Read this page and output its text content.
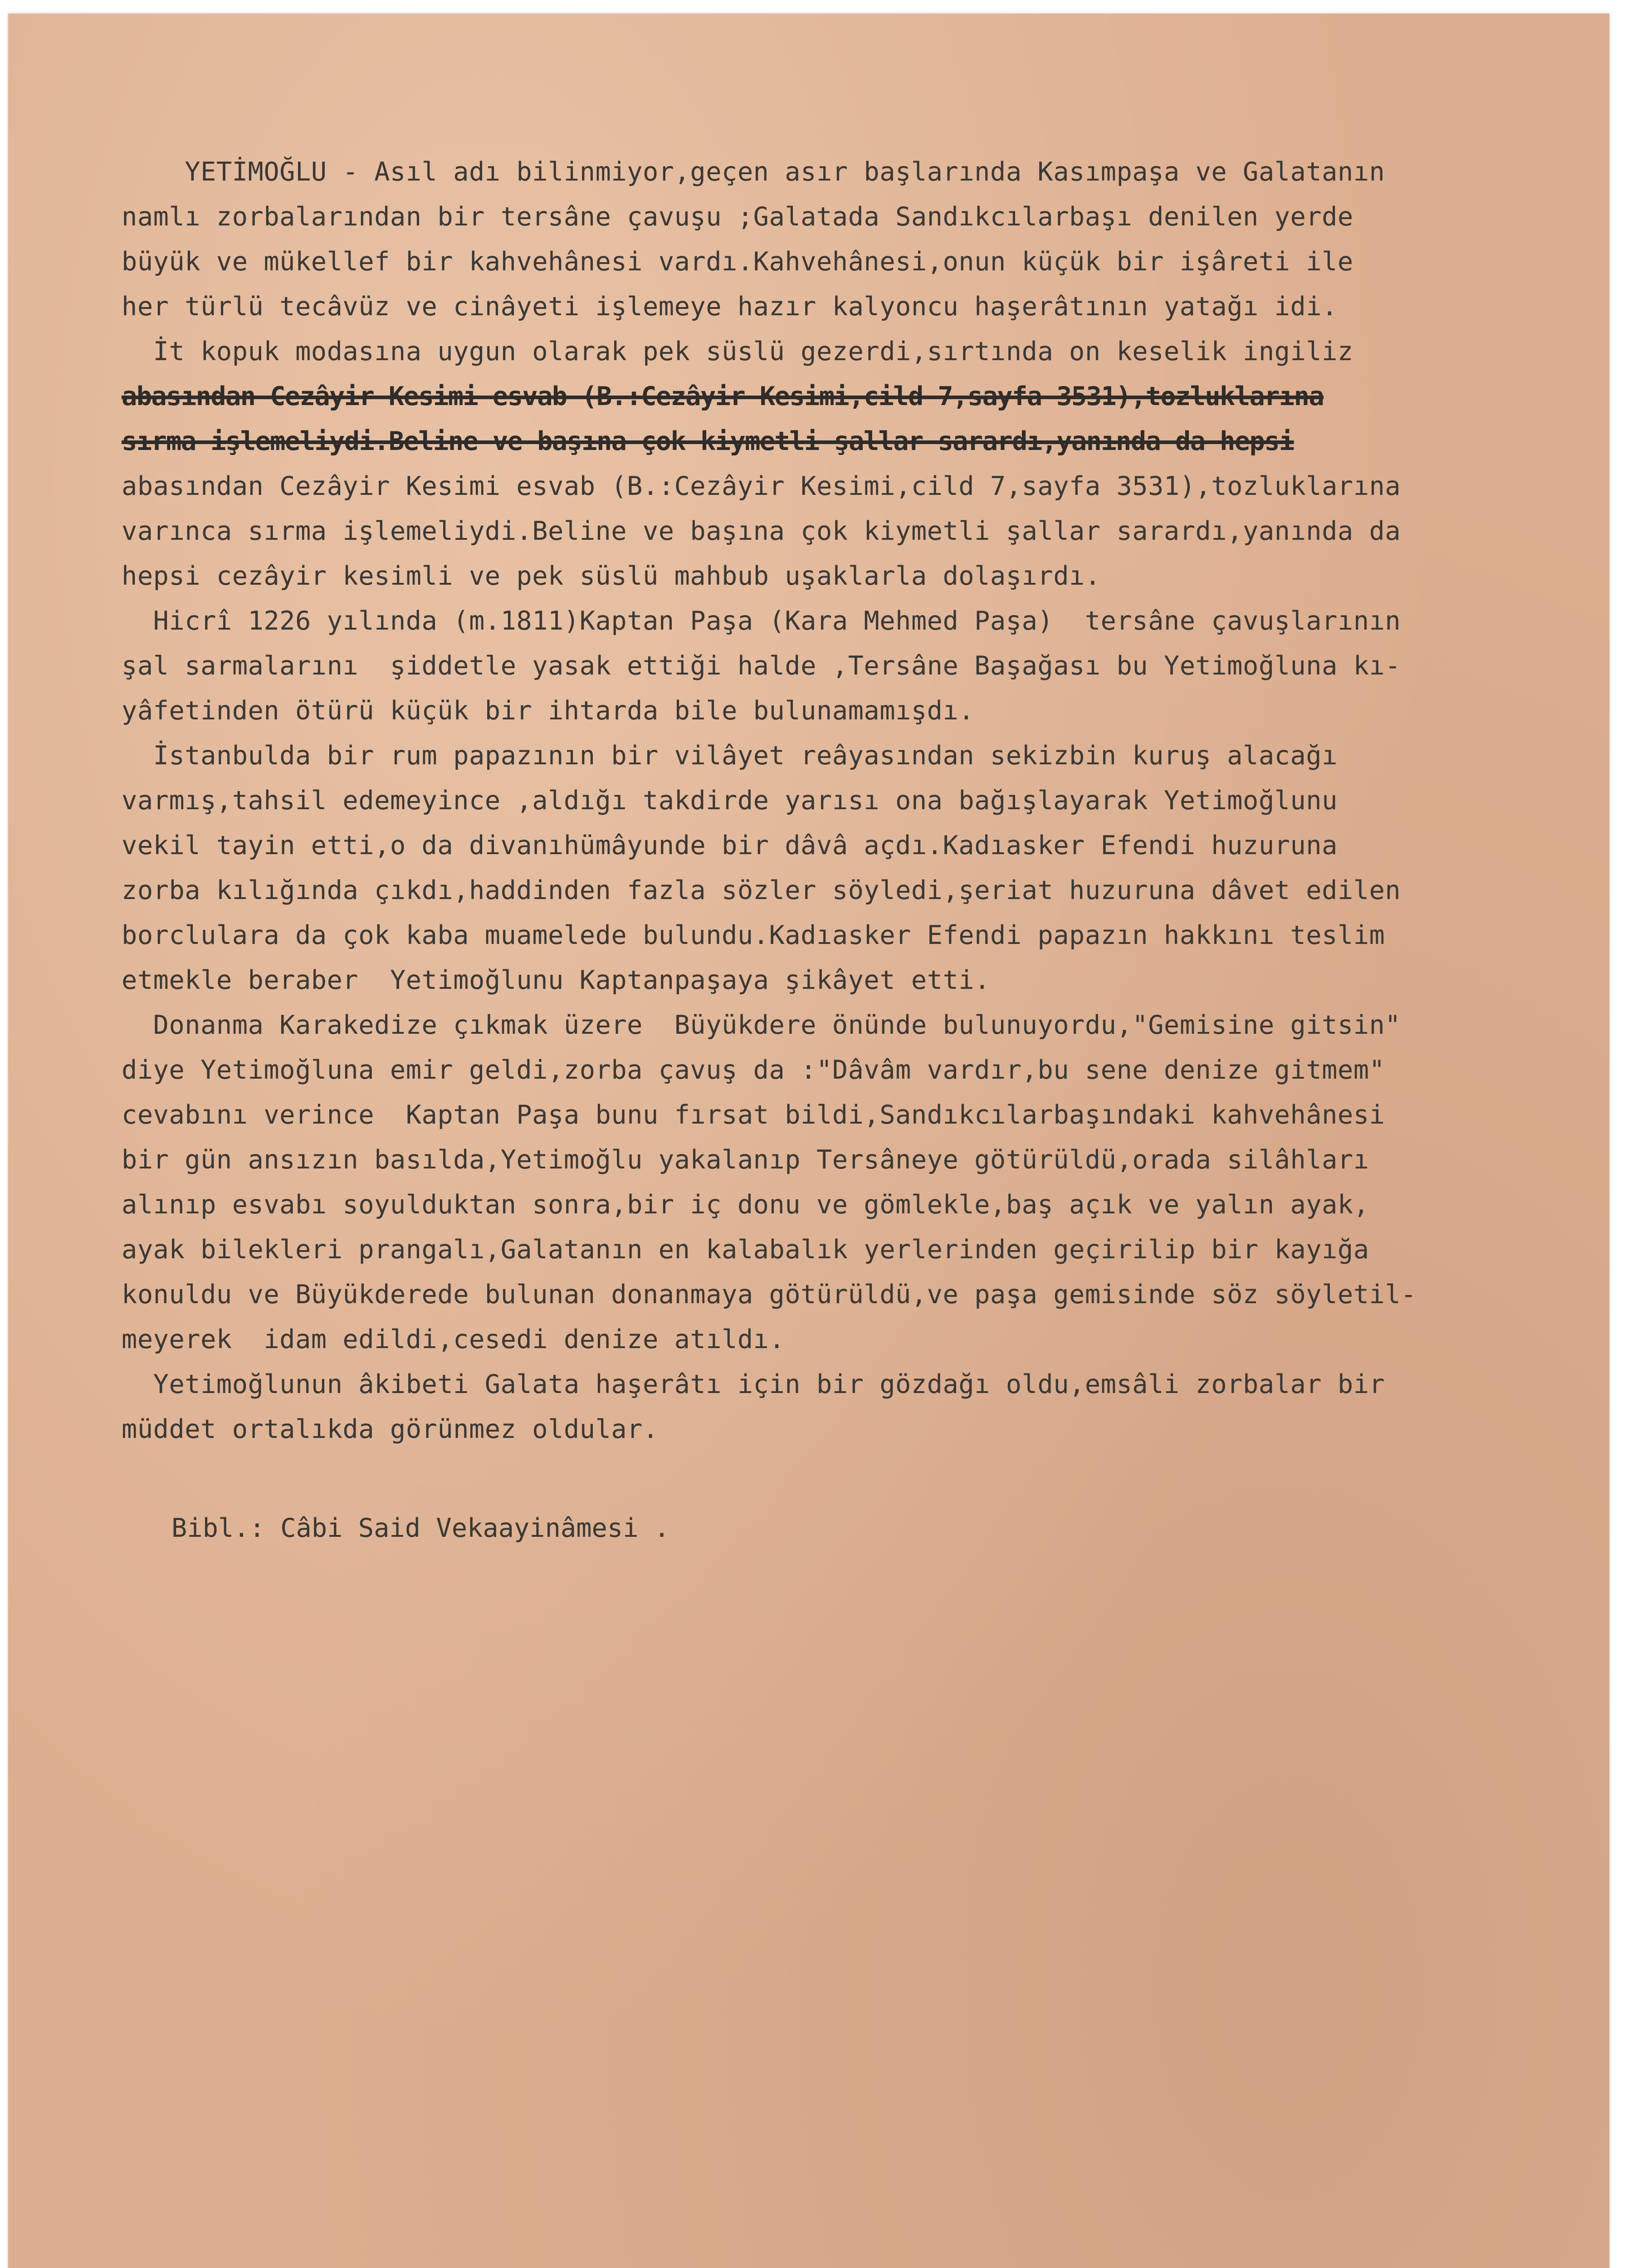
YETİMOĞLU - Asıl adı bilinmiyor,geçen asır başlarında Kasımpaşa ve Galatanın
namlı zorbalarından bir tersâne çavuşu ;Galatada Sandıkcılarbaşı denilen yerde
büyük ve mükellef bir kahvehânesi vardı.Kahvehânesi,onun küçük bir işâreti ile
her türlü tecâvüz ve cinâyeti işlemeye hazır kalyoncu haşerâtının yatağı idi.
İt kopuk modasına uygun olarak pek süslü gezerdi,sırtında on keselik ingiliz
abasından Cezâyir Kesimi esvab (B.:Cezâyir Kesimi,cild 7,sayfa 3531),tozluklarına
sırma işlemeliydi.Beline ve başına çok kiymetli şallar sarardı,yanında da hepsi
abasından Cezâyir Kesimi esvab (B.:Cezâyir Kesimi,cild 7,sayfa 3531),tozluklarına
varınca sırma işlemeliydi.Beline ve başına çok kiymetli şallar sarardı,yanında da
hepsi cezâyir kesimli ve pek süslü mahbub uşaklarla dolaşırdı.
Hicrî 1226 yılında (m.1811)Kaptan Paşa (Kara Mehmed Paşa)  tersâne çavuşlarının
şal sarmalarını  şiddetle yasak ettiği halde ,Tersâne Başağası bu Yetimoğluna kı-
yâfetinden ötürü küçük bir ihtarda bile bulunamamışdı.
İstanbulda bir rum papazının bir vilâyet reâyasından sekizbin kuruş alacağı
varmış,tahsil edemeyince ,aldığı takdirde yarısı ona bağışlayarak Yetimoğlunu
vekil tayin etti,o da divanıhümâyunde bir dâvâ açdı.Kadıasker Efendi huzuruna
zorba kılığında çıkdı,haddinden fazla sözler söyledi,şeriat huzuruna dâvet edilen
borclulara da çok kaba muamelede bulundu.Kadıasker Efendi papazın hakkını teslim
etmekle beraber  Yetimoğlunu Kaptanpaşaya şikâyet etti.
Donanma Karakedize çıkmak üzere  Büyükdere önünde bulunuyordu,"Gemisine gitsin"
diye Yetimoğluna emir geldi,zorba çavuş da :"Dâvâm vardır,bu sene denize gitmem"
cevabını verince  Kaptan Paşa bunu fırsat bildi,Sandıkcılarbaşındaki kahvehânesi
bir gün ansızın basılda,Yetimoğlu yakalanıp Tersâneye götürüldü,orada silâhları
alınıp esvabı soyulduktan sonra,bir iç donu ve gömlekle,baş açık ve yalın ayak,
ayak bilekleri prangalı,Galatanın en kalabalık yerlerinden geçirilip bir kayığa
konuldu ve Büyükderede bulunan donanmaya götürüldü,ve paşa gemisinde söz söyletil-
meyerek  idam edildi,cesedi denize atıldı.
Yetimoğlunun âkibeti Galata haşerâtı için bir gözdağı oldu,emsâli zorbalar bir
müddet ortalıkda görünmez oldular.
Bibl.: Câbi Said Vekaayinâmesi .
